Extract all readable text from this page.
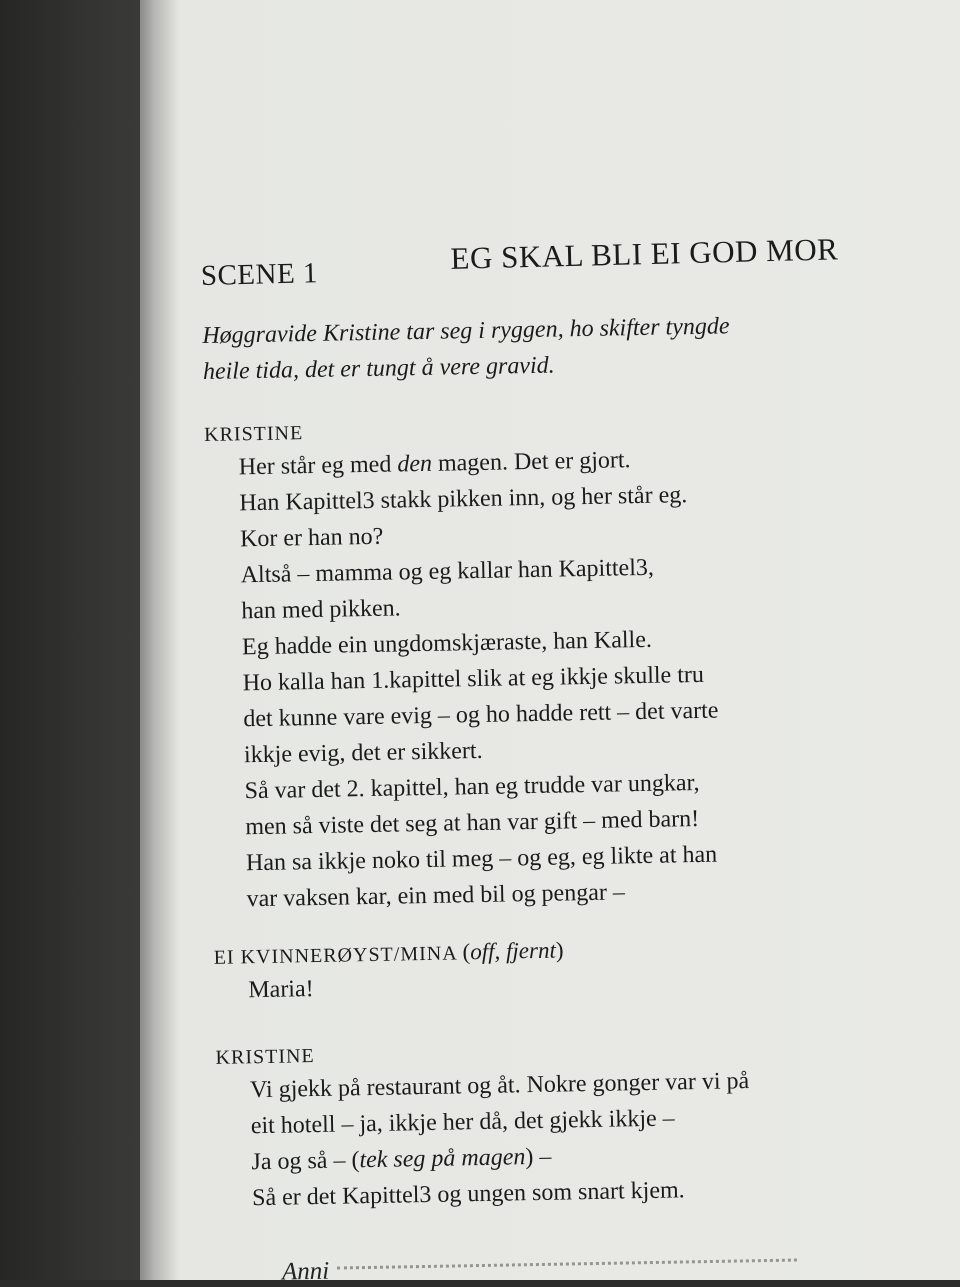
SCENE 1	EG SKAL BLI EI GOD MOR
Høggravide Kristine tar seg i ryggen, ho skifter tyngde
heile tida, det er tungt å vere gravid.
KRISTINE
Her står eg med den magen. Det er gjort.
Han Kapittel3 stakk pikken inn, og her står eg.
Kor er han no?
Altså – mamma og eg kallar han Kapittel3,
han med pikken.
Eg hadde ein ungdomskjæraste, han Kalle.
Ho kalla han 1.kapittel slik at eg ikkje skulle tru
det kunne vare evig – og ho hadde rett – det varte
ikkje evig, det er sikkert.
Så var det 2. kapittel, han eg trudde var ungkar,
men så viste det seg at han var gift – med barn!
Han sa ikkje noko til meg – og eg, eg likte at han
var vaksen kar, ein med bil og pengar –
EI KVINNERØYST/MINA (off, fjernt)
Maria!
KRISTINE
Vi gjekk på restaurant og åt. Nokre gonger var vi på
eit hotell – ja, ikkje her då, det gjekk ikkje –
Ja og så – (tek seg på magen) –
Så er det Kapittel3 og ungen som snart kjem.
Anni
